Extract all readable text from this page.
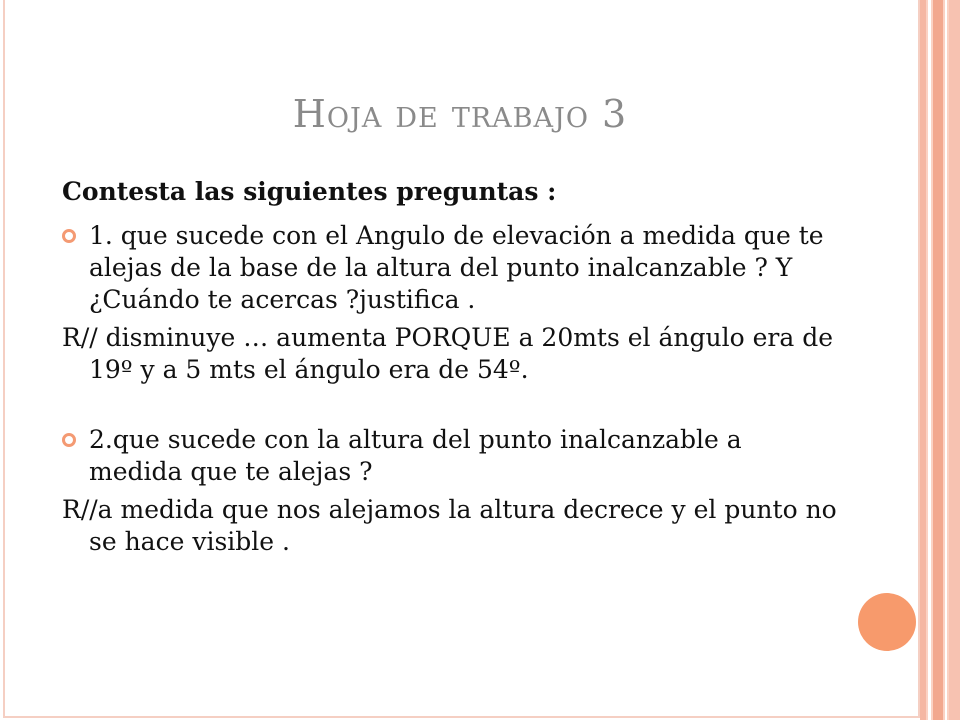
Hoja de trabajo 3

Contesta las siguientes preguntas :

1. que sucede con el Angulo de elevación a medida que te alejas de la base de la altura del punto inalcanzable ? Y ¿Cuándo te acercas ?justifica .

R// disminuye … aumenta PORQUE a 20mts el ángulo era de 19º y a 5 mts el ángulo era de 54º.

2.que sucede con la altura del punto inalcanzable a medida que te alejas ?

R//a medida que nos alejamos la altura decrece y el punto no se hace visible .
